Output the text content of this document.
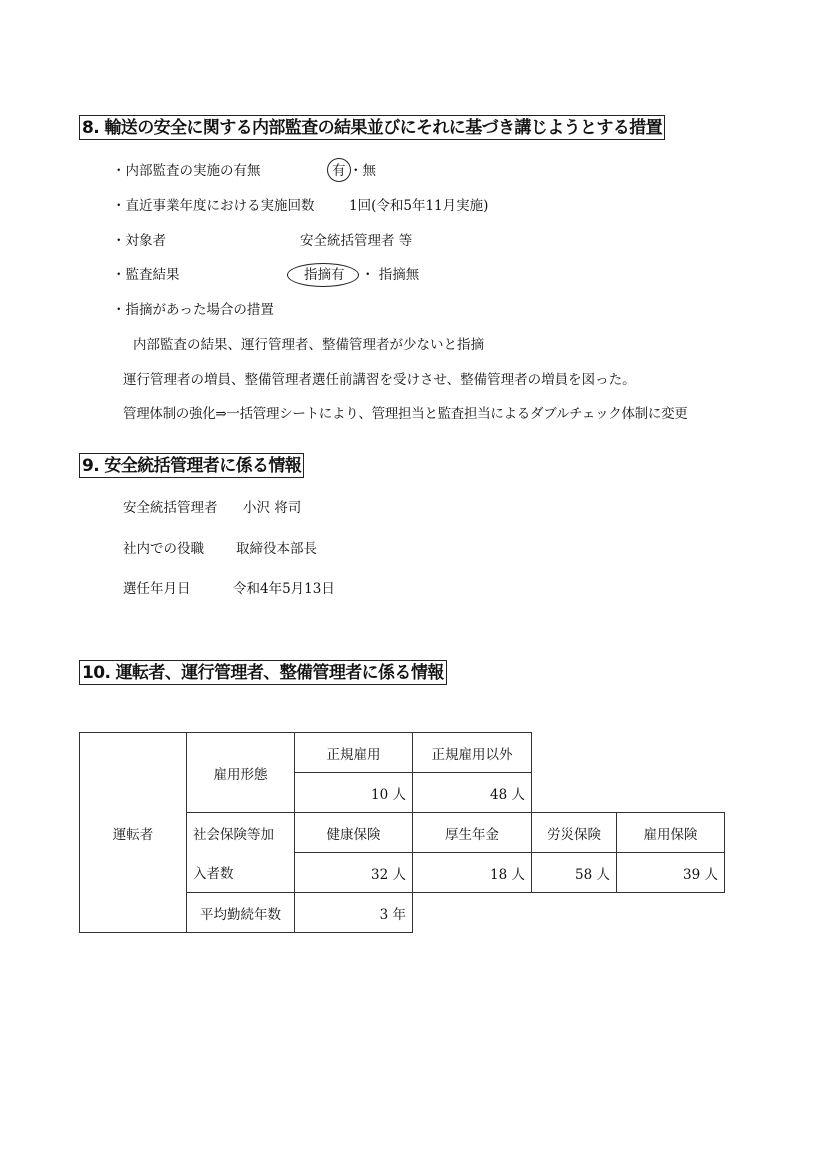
8. 輸送の安全に関する内部監査の結果並びにそれに基づき講じようとする措置
・内部監査の実施の有無	有 ・無
・直近事業年度における実施回数	1回(令和5年11月実施)
・対象者	安全統括管理者 等
・監査結果	指摘有 ・ 指摘無
・指摘があった場合の措置
内部監査の結果、運行管理者、整備管理者が少ないと指摘
運行管理者の増員、整備管理者選任前講習を受けさせ、整備管理者の増員を図った。
管理体制の強化⇒一括管理シートにより、管理担当と監査担当によるダブルチェック体制に変更
9. 安全統括管理者に係る情報
安全統括管理者 小沢 将司
社内での役職 取締役本部長
選任年月日	令和4年5月13日
10. 運転者、運行管理者、整備管理者に係る情報
運転者	雇用形態	正規雇用	正規雇用以外		
		10 人	48 人		
	社会保険等加	健康保険	厚生年金	労災保険	雇用保険
	入者数	32 人	18 人	58 人	39 人
	平均勤続年数	3 年			
